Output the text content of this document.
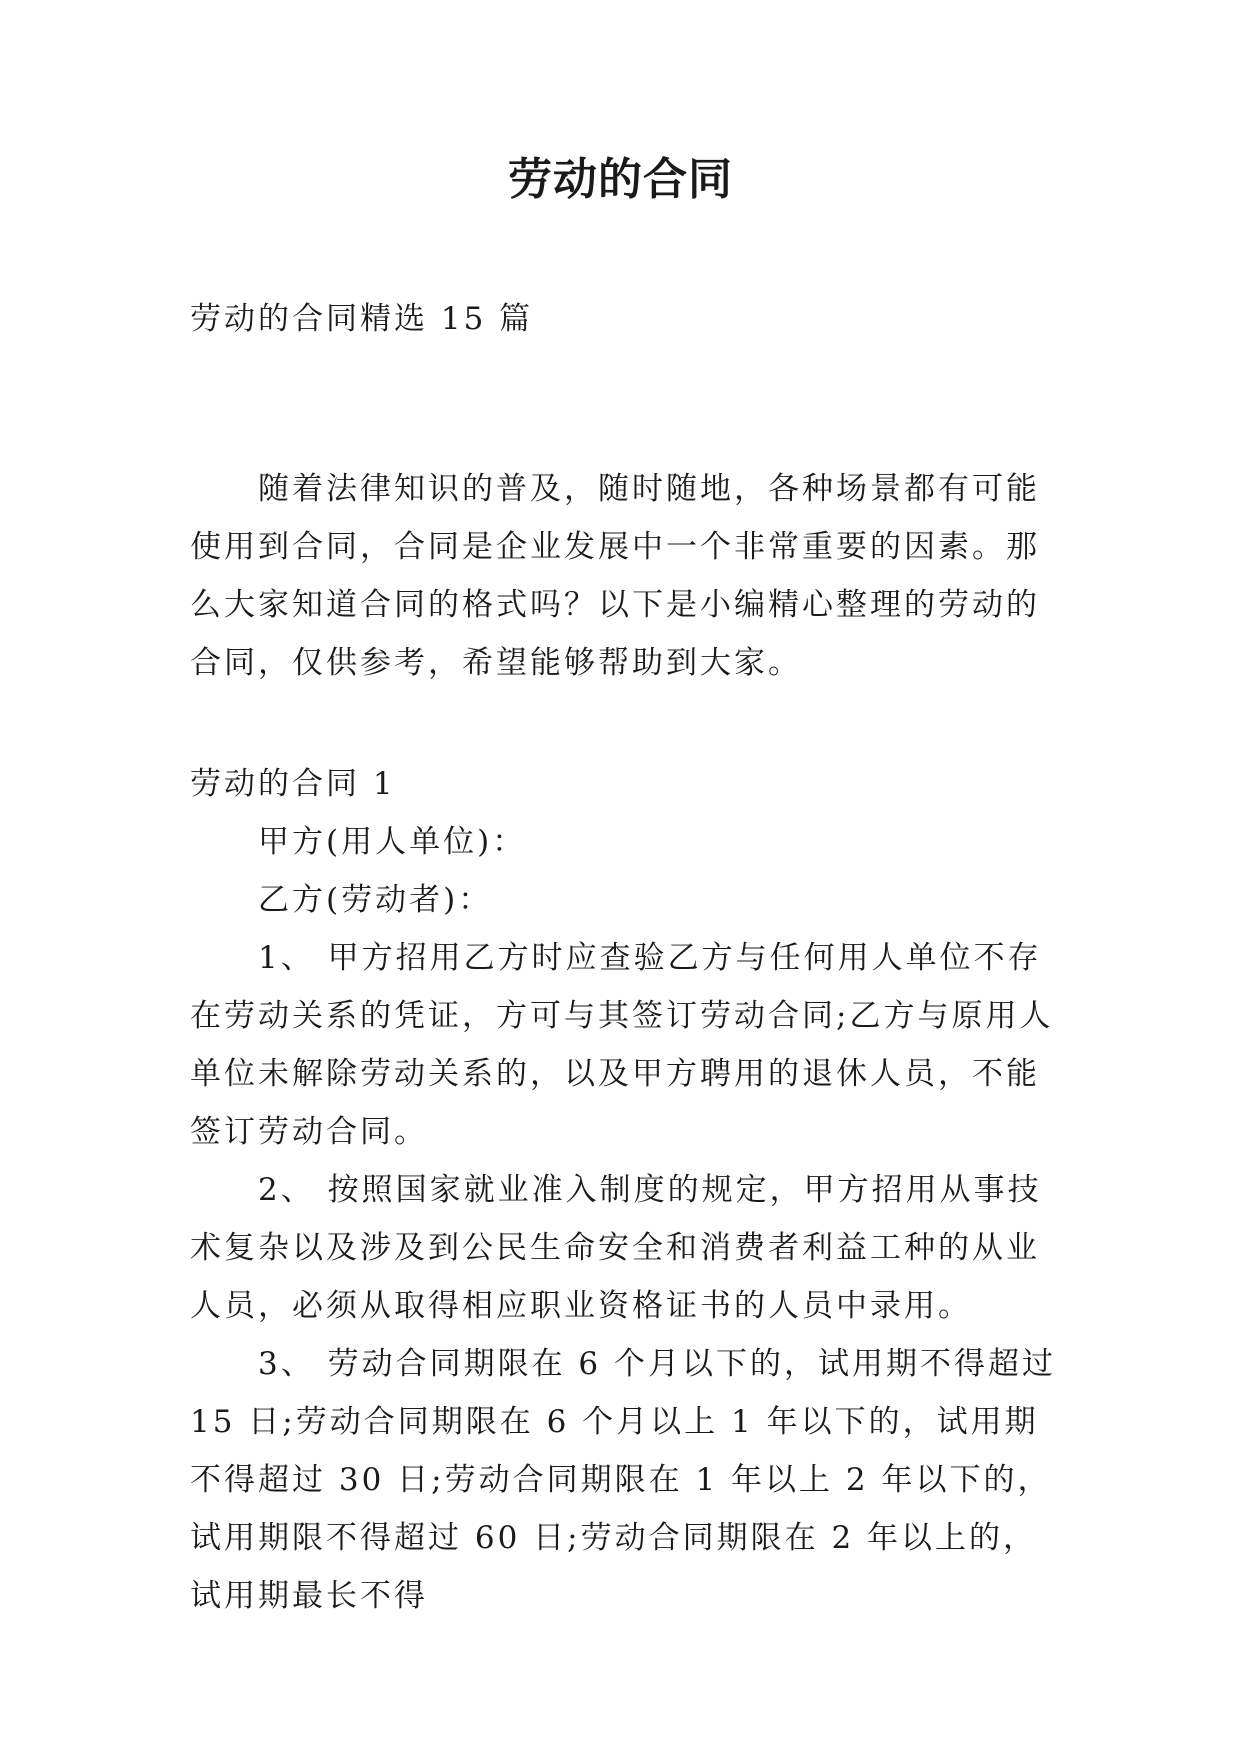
劳动的合同

劳动的合同精选 15 篇

随着法律知识的普及，随时随地，各种场景都有可能使用到合同，合同是企业发展中一个非常重要的因素。那么大家知道合同的格式吗？以下是小编精心整理的劳动的合同，仅供参考，希望能够帮助到大家。

劳动的合同 1

甲方(用人单位)：

乙方(劳动者)：

1、 甲方招用乙方时应查验乙方与任何用人单位不存在劳动关系的凭证，方可与其签订劳动合同;乙方与原用人单位未解除劳动关系的，以及甲方聘用的退休人员，不能签订劳动合同。

2、 按照国家就业准入制度的规定，甲方招用从事技术复杂以及涉及到公民生命安全和消费者利益工种的从业人员，必须从取得相应职业资格证书的人员中录用。

3、 劳动合同期限在 6 个月以下的，试用期不得超过 15 日;劳动合同期限在 6 个月以上 1 年以下的，试用期不得超过 30 日;劳动合同期限在 1 年以上 2 年以下的，试用期限不得超过 60 日;劳动合同期限在 2 年以上的，试用期最长不得
